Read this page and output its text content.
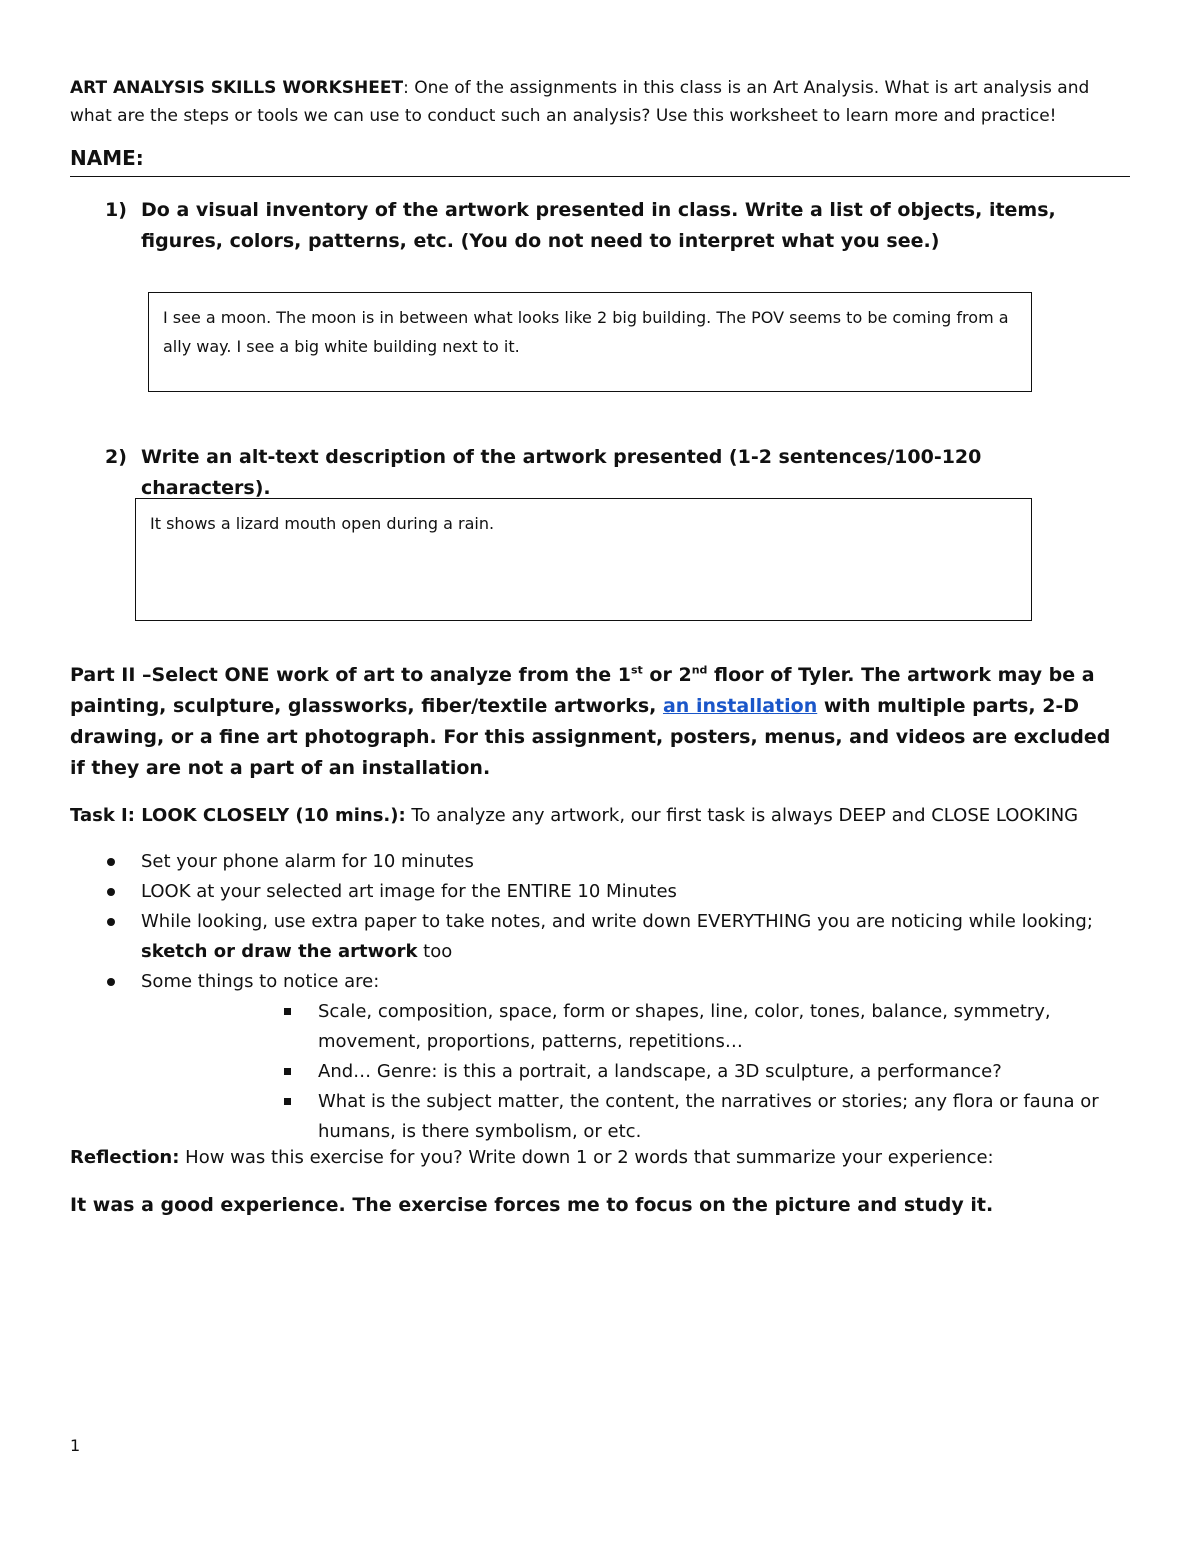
ART ANALYSIS SKILLS WORKSHEET: One of the assignments in this class is an Art Analysis. What is art analysis and what are the steps or tools we can use to conduct such an analysis? Use this worksheet to learn more and practice!

NAME:

1) Do a visual inventory of the artwork presented in class. Write a list of objects, items, figures, colors, patterns, etc. (You do not need to interpret what you see.)

I see a moon. The moon is in between what looks like 2 big building. The POV seems to be coming from a ally way. I see a big white building next to it.

2) Write an alt-text description of the artwork presented (1-2 sentences/100-120 characters).

It shows a lizard mouth open during a rain.

Part II –Select ONE work of art to analyze from the 1st or 2nd floor of Tyler. The artwork may be a painting, sculpture, glassworks, fiber/textile artworks, an installation with multiple parts, 2-D drawing, or a fine art photograph. For this assignment, posters, menus, and videos are excluded if they are not a part of an installation.

Task I: LOOK CLOSELY (10 mins.): To analyze any artwork, our first task is always DEEP and CLOSE LOOKING

Set your phone alarm for 10 minutes
LOOK at your selected art image for the ENTIRE 10 Minutes
While looking, use extra paper to take notes, and write down EVERYTHING you are noticing while looking; sketch or draw the artwork too
Some things to notice are:
Scale, composition, space, form or shapes, line, color, tones, balance, symmetry, movement, proportions, patterns, repetitions…
And… Genre: is this a portrait, a landscape, a 3D sculpture, a performance?
What is the subject matter, the content, the narratives or stories; any flora or fauna or humans, is there symbolism, or etc.

Reflection: How was this exercise for you? Write down 1 or 2 words that summarize your experience:

It was a good experience. The exercise forces me to focus on the picture and study it.

1
